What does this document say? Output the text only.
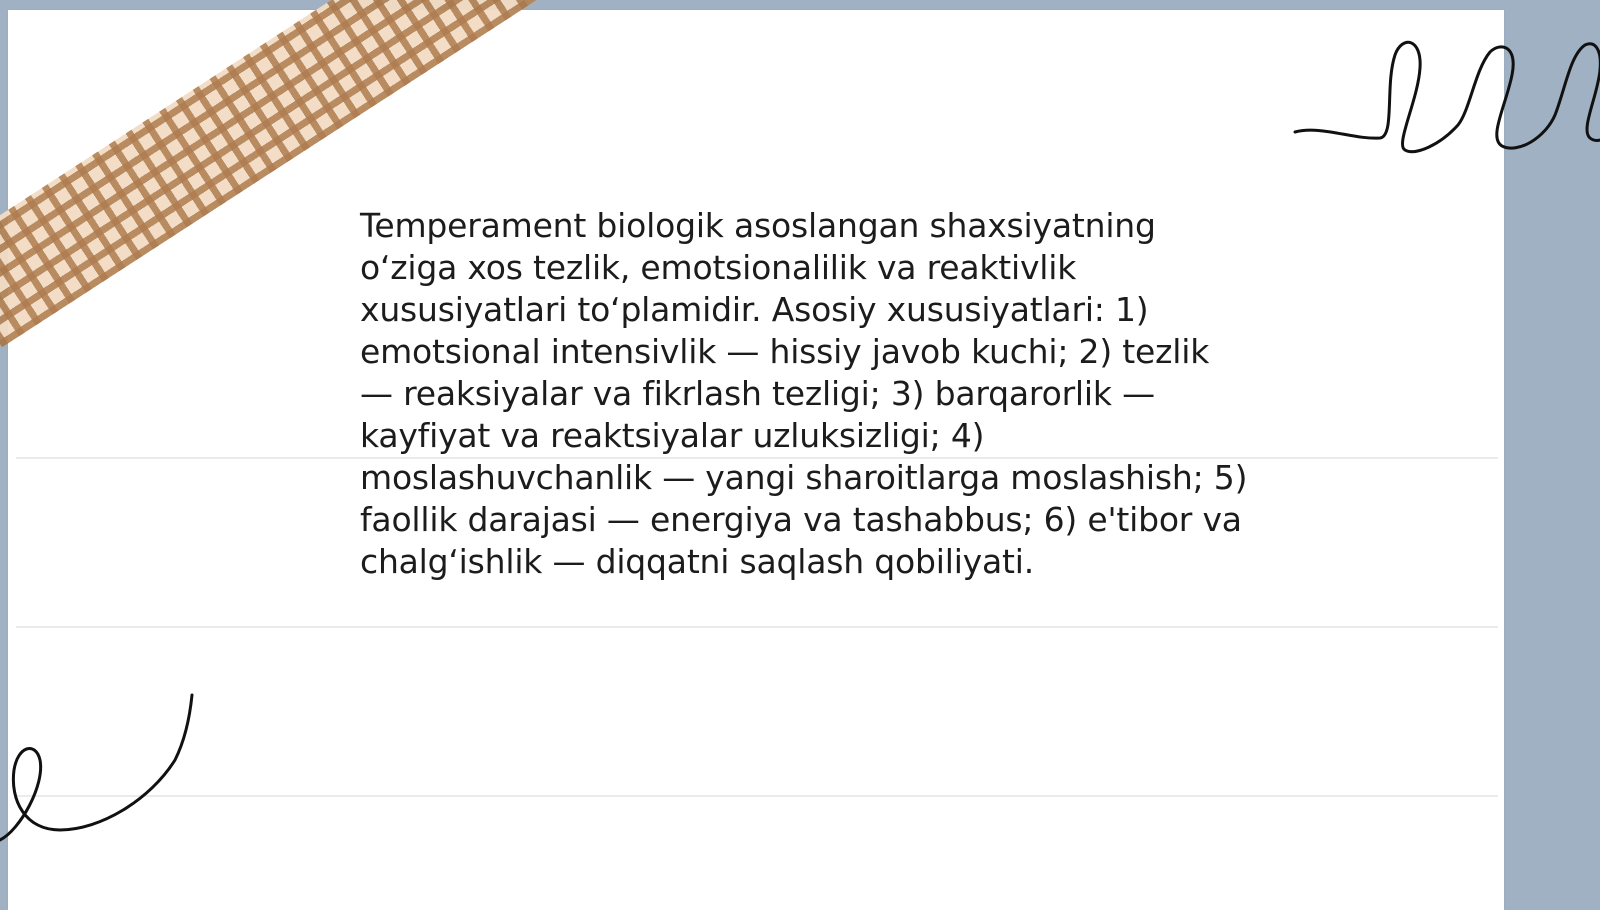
Temperament biologik asoslangan shaxsiyatning o‘ziga xos tezlik, emotsionalilik va reaktivlik xususiyatlari to‘plamidir. Asosiy xususiyatlari: 1) emotsional intensivlik — hissiy javob kuchi; 2) tezlik — reaksiyalar va fikrlash tezligi; 3) barqarorlik — kayfiyat va reaktsiyalar uzluksizligi; 4) moslashuvchanlik — yangi sharoitlarga moslashish; 5) faollik darajasi — energiya va tashabbus; 6) e'tibor va chalg‘ishlik — diqqatni saqlash qobiliyati.
